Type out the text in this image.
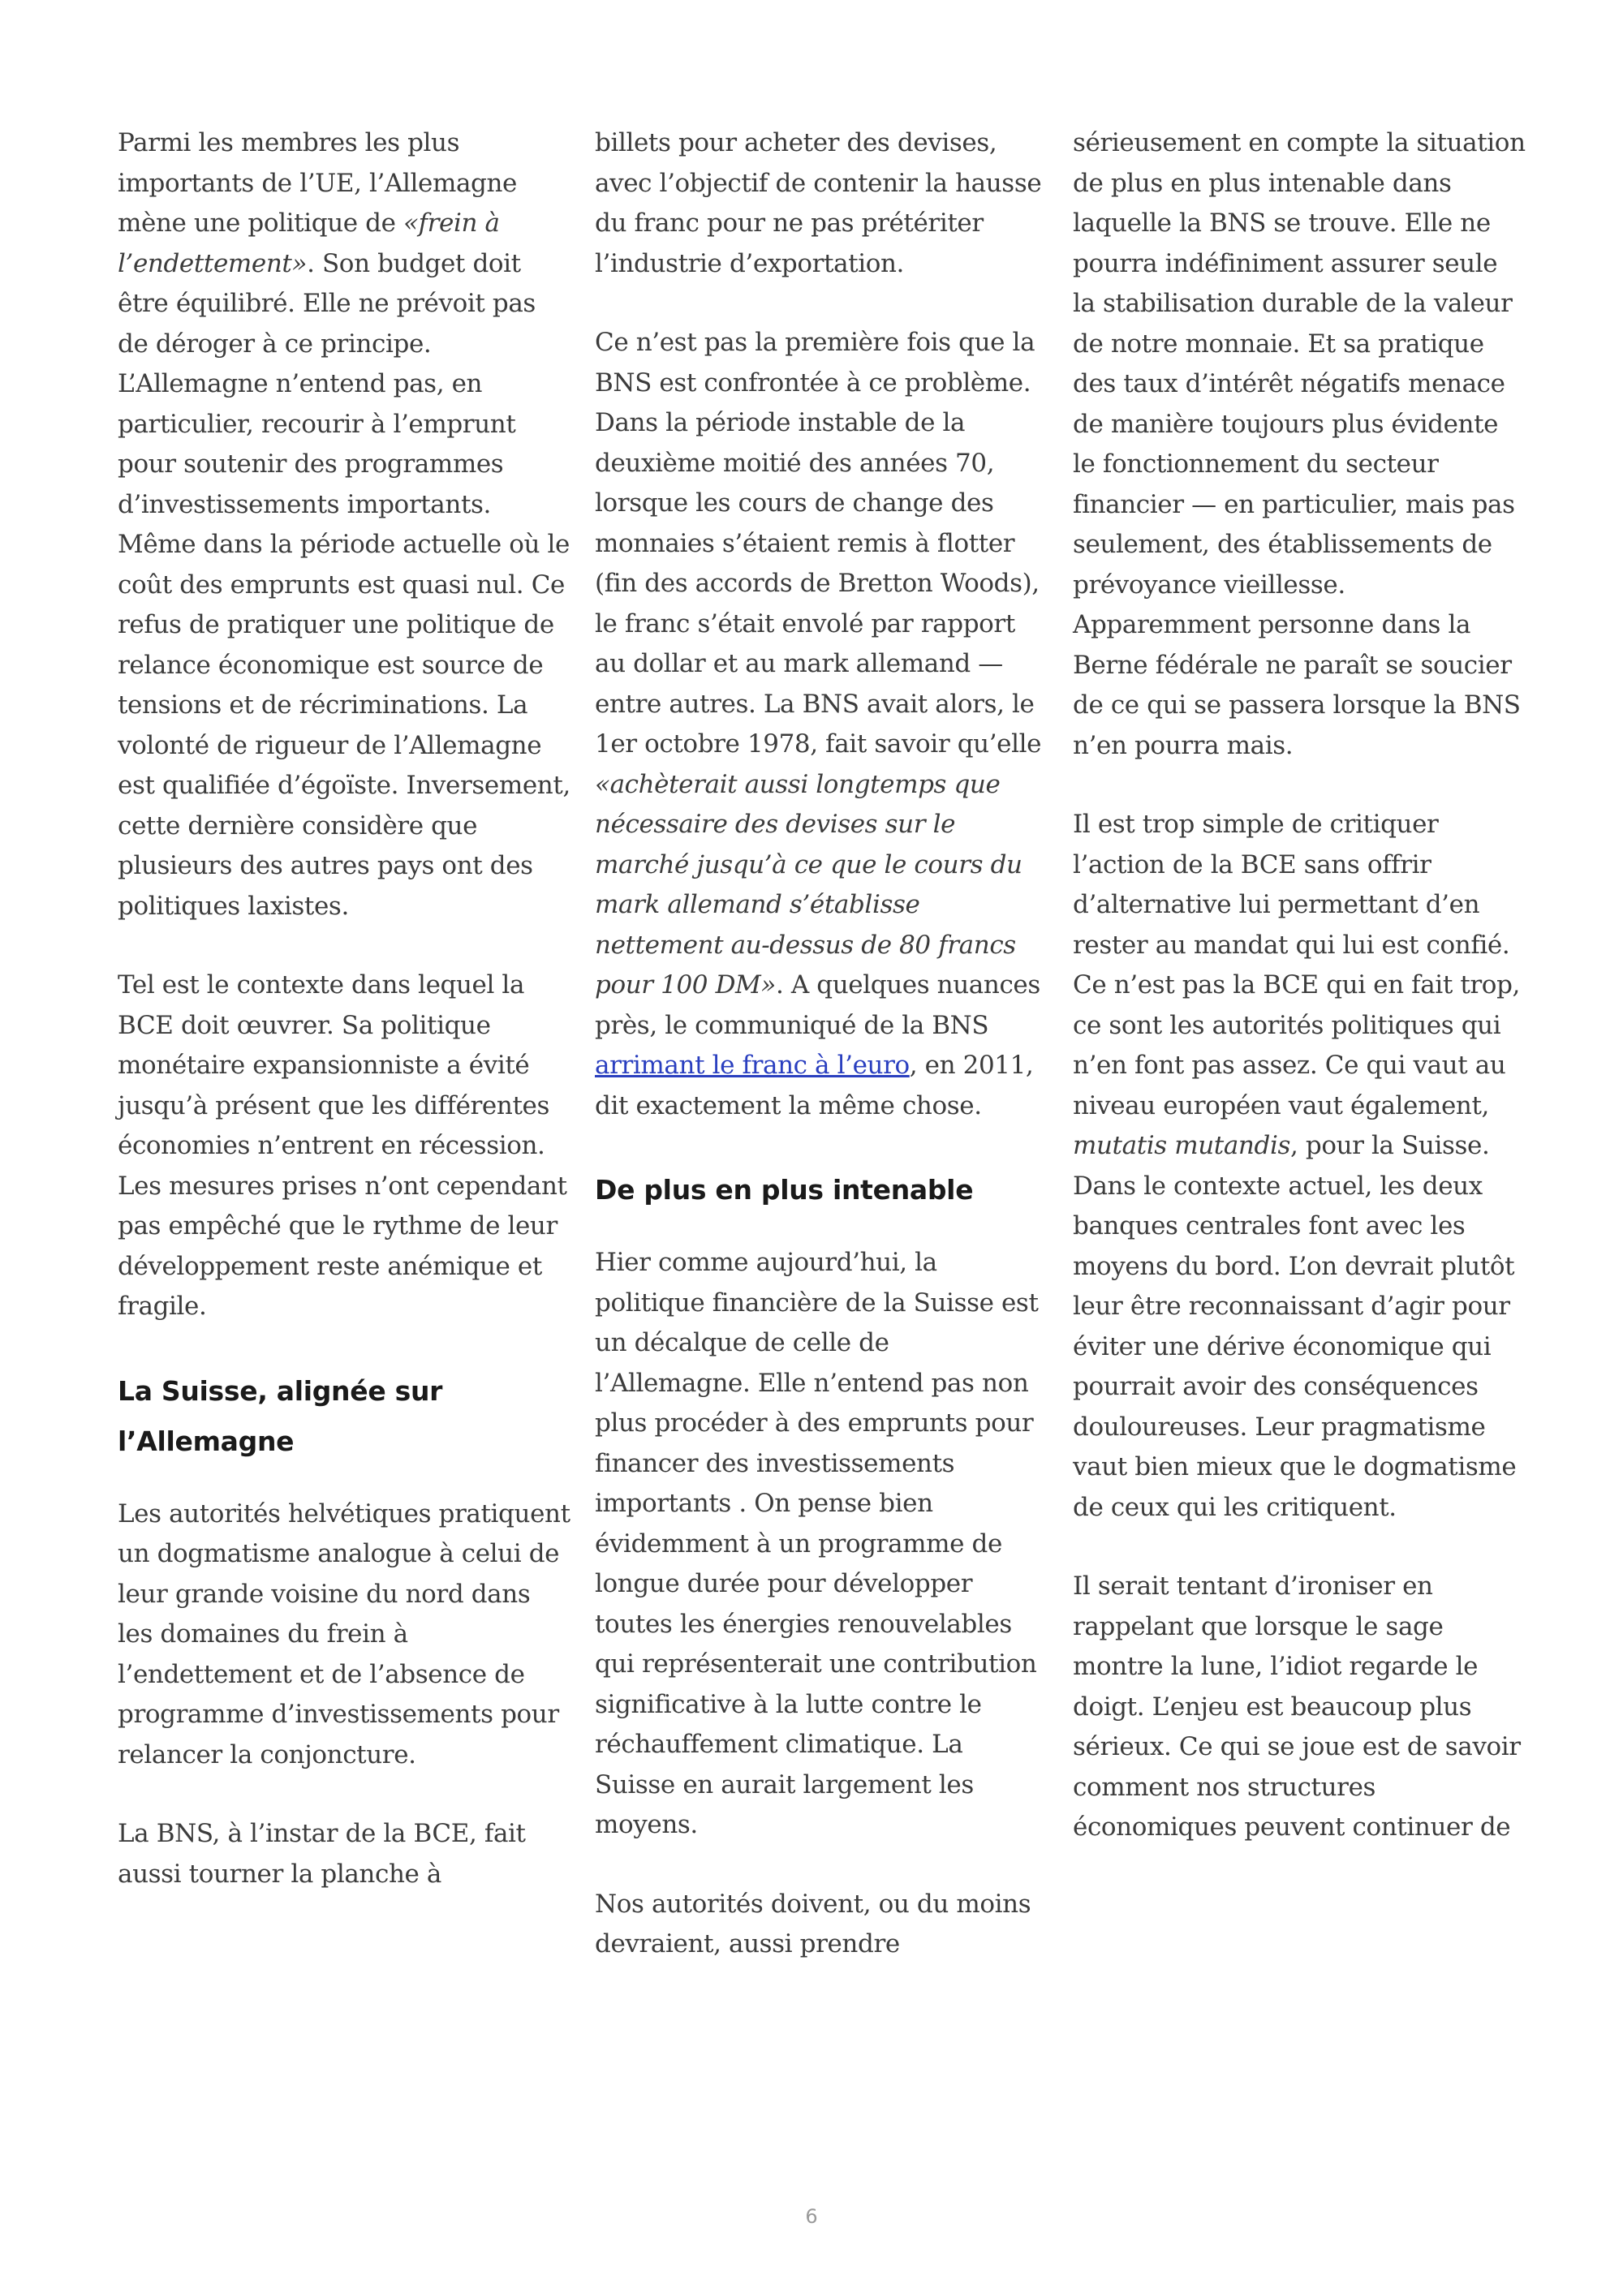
Parmi les membres les plus importants de l’UE, l’Allemagne mène une politique de «frein à l’endettement». Son budget doit être équilibré. Elle ne prévoit pas de déroger à ce principe. L’Allemagne n’entend pas, en particulier, recourir à l’emprunt pour soutenir des programmes d’investissements importants. Même dans la période actuelle où le coût des emprunts est quasi nul. Ce refus de pratiquer une politique de relance économique est source de tensions et de récriminations. La volonté de rigueur de l’Allemagne est qualifiée d’égoïste. Inversement, cette dernière considère que plusieurs des autres pays ont des politiques laxistes.

Tel est le contexte dans lequel la BCE doit œuvrer. Sa politique monétaire expansionniste a évité jusqu’à présent que les différentes économies n’entrent en récession. Les mesures prises n’ont cependant pas empêché que le rythme de leur développement reste anémique et fragile.

La Suisse, alignée sur l’Allemagne

Les autorités helvétiques pratiquent un dogmatisme analogue à celui de leur grande voisine du nord dans les domaines du frein à l’endettement et de l’absence de programme d’investissements pour relancer la conjoncture.

La BNS, à l’instar de la BCE, fait aussi tourner la planche à

billets pour acheter des devises, avec l’objectif de contenir la hausse du franc pour ne pas prétériter l’industrie d’exportation.

Ce n’est pas la première fois que la BNS est confrontée à ce problème. Dans la période instable de la deuxième moitié des années 70, lorsque les cours de change des monnaies s’étaient remis à flotter (fin des accords de Bretton Woods), le franc s’était envolé par rapport au dollar et au mark allemand — entre autres. La BNS avait alors, le 1er octobre 1978, fait savoir qu’elle «achèterait aussi longtemps que nécessaire des devises sur le marché jusqu’à ce que le cours du mark allemand s’établisse nettement au-dessus de 80 francs pour 100 DM». A quelques nuances près, le communiqué de la BNS arrimant le franc à l’euro, en 2011, dit exactement la même chose.

De plus en plus intenable

Hier comme aujourd’hui, la politique financière de la Suisse est un décalque de celle de l’Allemagne. Elle n’entend pas non plus procéder à des emprunts pour financer des investissements importants . On pense bien évidemment à un programme de longue durée pour développer toutes les énergies renouvelables qui représenterait une contribution significative à la lutte contre le réchauffement climatique. La Suisse en aurait largement les moyens.

Nos autorités doivent, ou du moins devraient, aussi prendre

sérieusement en compte la situation de plus en plus intenable dans laquelle la BNS se trouve. Elle ne pourra indéfiniment assurer seule la stabilisation durable de la valeur de notre monnaie. Et sa pratique des taux d’intérêt négatifs menace de manière toujours plus évidente le fonctionnement du secteur financier — en particulier, mais pas seulement, des établissements de prévoyance vieillesse. Apparemment personne dans la Berne fédérale ne paraît se soucier de ce qui se passera lorsque la BNS n’en pourra mais.

Il est trop simple de critiquer l’action de la BCE sans offrir d’alternative lui permettant d’en rester au mandat qui lui est confié. Ce n’est pas la BCE qui en fait trop, ce sont les autorités politiques qui n’en font pas assez. Ce qui vaut au niveau européen vaut également, mutatis mutandis, pour la Suisse. Dans le contexte actuel, les deux banques centrales font avec les moyens du bord. L’on devrait plutôt leur être reconnaissant d’agir pour éviter une dérive économique qui pourrait avoir des conséquences douloureuses. Leur pragmatisme vaut bien mieux que le dogmatisme de ceux qui les critiquent.

Il serait tentant d’ironiser en rappelant que lorsque le sage montre la lune, l’idiot regarde le doigt. L’enjeu est beaucoup plus sérieux. Ce qui se joue est de savoir comment nos structures économiques peuvent continuer de

6
